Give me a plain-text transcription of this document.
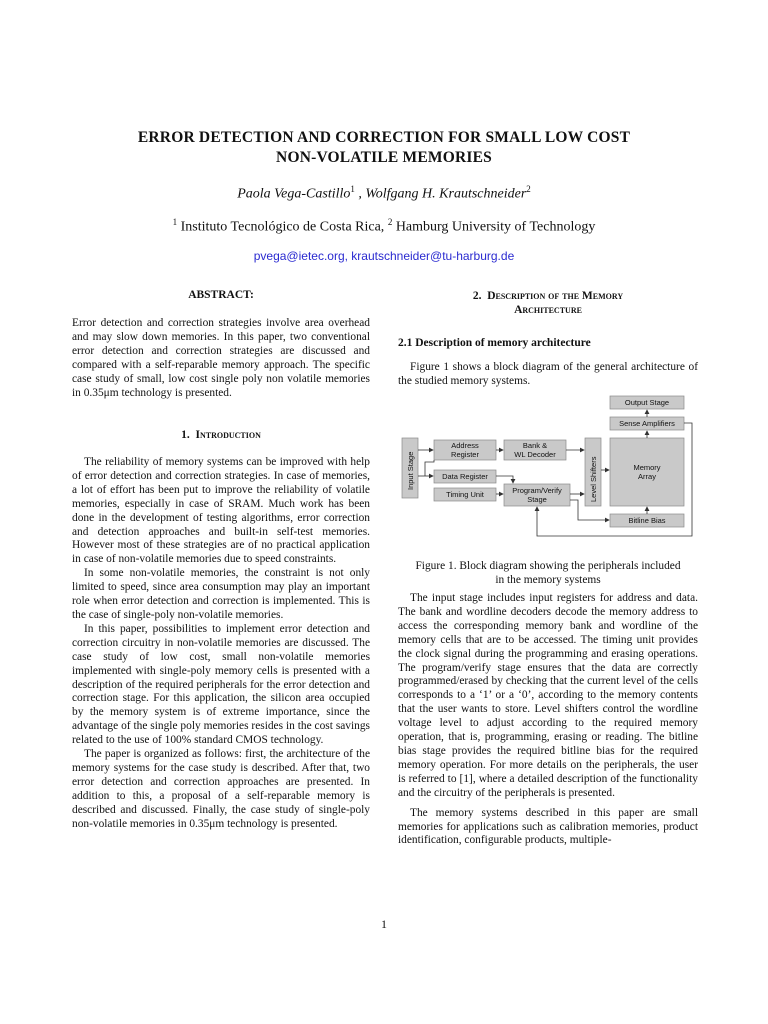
ERROR DETECTION AND CORRECTION FOR SMALL LOW COST
NON-VOLATILE MEMORIES
Paola Vega-Castillo$^1$ , Wolfgang H. Krautschneider$^2$
$^1$ Instituto Tecnológico de Costa Rica, $^2$ Hamburg University of Technology
pvega@ietec.org, krautschneider@tu-harburg.de
ABSTRACT:

Error detection and correction strategies involve area overhead and may slow down memories. In this paper, two conventional error detection and correction strategies are discussed and compared with a self-reparable memory approach. The specific case study of small, low cost single poly non volatile memories in 0.35μm technology is presented.

1. Introduction

The reliability of memory systems can be improved with help of error detection and correction strategies. In case of memories, a lot of effort has been put to improve the reliability of volatile memories, especially in case of SRAM. Much work has been done in the development of testing algorithms, error correction and detection approaches and built-in self-test memories. However most of these strategies are of no practical application in case of non-volatile memories due to speed constraints.

In some non-volatile memories, the constraint is not only limited to speed, since area consumption may play an important role when error detection and correction is implemented. This is the case of single-poly non-volatile memories.

In this paper, possibilities to implement error detection and correction circuitry in non-volatile memories are discussed. The case study of low cost, small non-volatile memories implemented with single-poly memory cells is presented with a description of the required peripherals for the error detection and correction stage. For this application, the silicon area occupied by the memory system is of extreme importance, since the advantage of the single poly memories resides in the cost savings related to the use of 100% standard CMOS technology.

The paper is organized as follows: first, the architecture of the memory systems for the case study is described. After that, two error detection and correction approaches are presented. In addition to this, a proposal of a self-reparable memory is described and discussed. Finally, the case study of single-poly non-volatile memories in 0.35μm technology is presented.

2. Description of the Memory
Architecture
2.1 Description of memory architecture

Figure 1 shows a block diagram of the general architecture of the studied memory systems.

Input Stage
Address
Register
Data Register
Timing Unit
Bank &
WL Decoder
Program/Verify
Stage	Level Shifters	Memory
Array
Output Stage
Sense Amplifiers
Bitline Bias
Figure 1. Block diagram showing the peripherals included
in the memory systems

The input stage includes input registers for address and data. The bank and wordline decoders decode the memory address to access the corresponding memory bank and wordline of the memory cells that are to be accessed. The timing unit provides the clock signal during the programming and erasing operations. The program/verify stage ensures that the data are correctly programmed/erased by checking that the current level of the cells corresponds to a ‘1’ or a ‘0’, according to the memory contents that the user wants to store. Level shifters control the wordline voltage level to adjust according to the required memory operation, that is, programming, erasing or reading. The bitline bias stage provides the required bitline bias for the required memory operation. For more details on the peripherals, the user is referred to [1], where a detailed description of the functionality and the circuitry of the peripherals is presented.

The memory systems described in this paper are small memories for applications such as calibration memories, product identification, configurable products, multiple-

1
